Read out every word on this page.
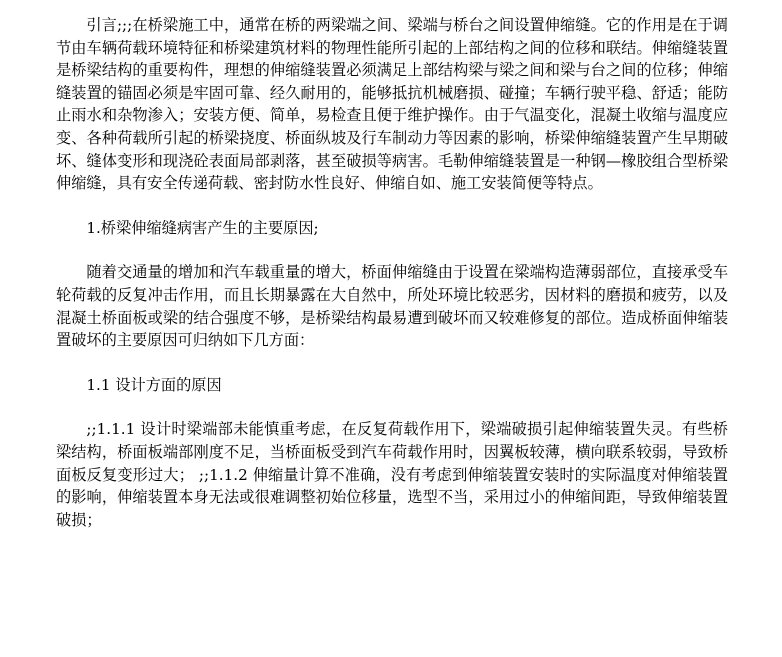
引言;;;在桥梁施工中，通常在桥的两梁端之间、梁端与桥台之间设置伸缩缝。它的作用是在于调节由车辆荷载环境特征和桥梁建筑材料的物理性能所引起的上部结构之间的位移和联结。伸缩缝装置是桥梁结构的重要构件，理想的伸缩缝装置必须满足上部结构梁与梁之间和梁与台之间的位移；伸缩缝装置的锚固必须是牢固可靠、经久耐用的，能够抵抗机械磨损、碰撞；车辆行驶平稳、舒适；能防止雨水和杂物渗入；安装方便、简单，易检查且便于维护操作。由于气温变化，混凝土收缩与温度应变、各种荷载所引起的桥梁挠度、桥面纵坡及行车制动力等因素的影响，桥梁伸缩缝装置产生早期破坏、缝体变形和现浇砼表面局部剥落，甚至破损等病害。毛勒伸缩缝装置是一种钢—橡胶组合型桥梁伸缩缝，具有安全传递荷载、密封防水性良好、伸缩自如、施工安装简便等特点。

1.桥梁伸缩缝病害产生的主要原因;

随着交通量的增加和汽车载重量的增大，桥面伸缩缝由于设置在梁端构造薄弱部位，直接承受车轮荷载的反复冲击作用，而且长期暴露在大自然中，所处环境比较恶劣，因材料的磨损和疲劳，以及混凝土桥面板或梁的结合强度不够，是桥梁结构最易遭到破坏而又较难修复的部位。造成桥面伸缩装置破坏的主要原因可归纳如下几方面：

1.1 设计方面的原因

;;1.1.1 设计时梁端部未能慎重考虑，在反复荷载作用下，梁端破损引起伸缩装置失灵。有些桥梁结构，桥面板端部刚度不足，当桥面板受到汽车荷载作用时，因翼板较薄，横向联系较弱，导致桥面板反复变形过大； ;;1.1.2 伸缩量计算不准确，没有考虑到伸缩装置安装时的实际温度对伸缩装置的影响，伸缩装置本身无法或很难调整初始位移量，选型不当，采用过小的伸缩间距，导致伸缩装置破损；
